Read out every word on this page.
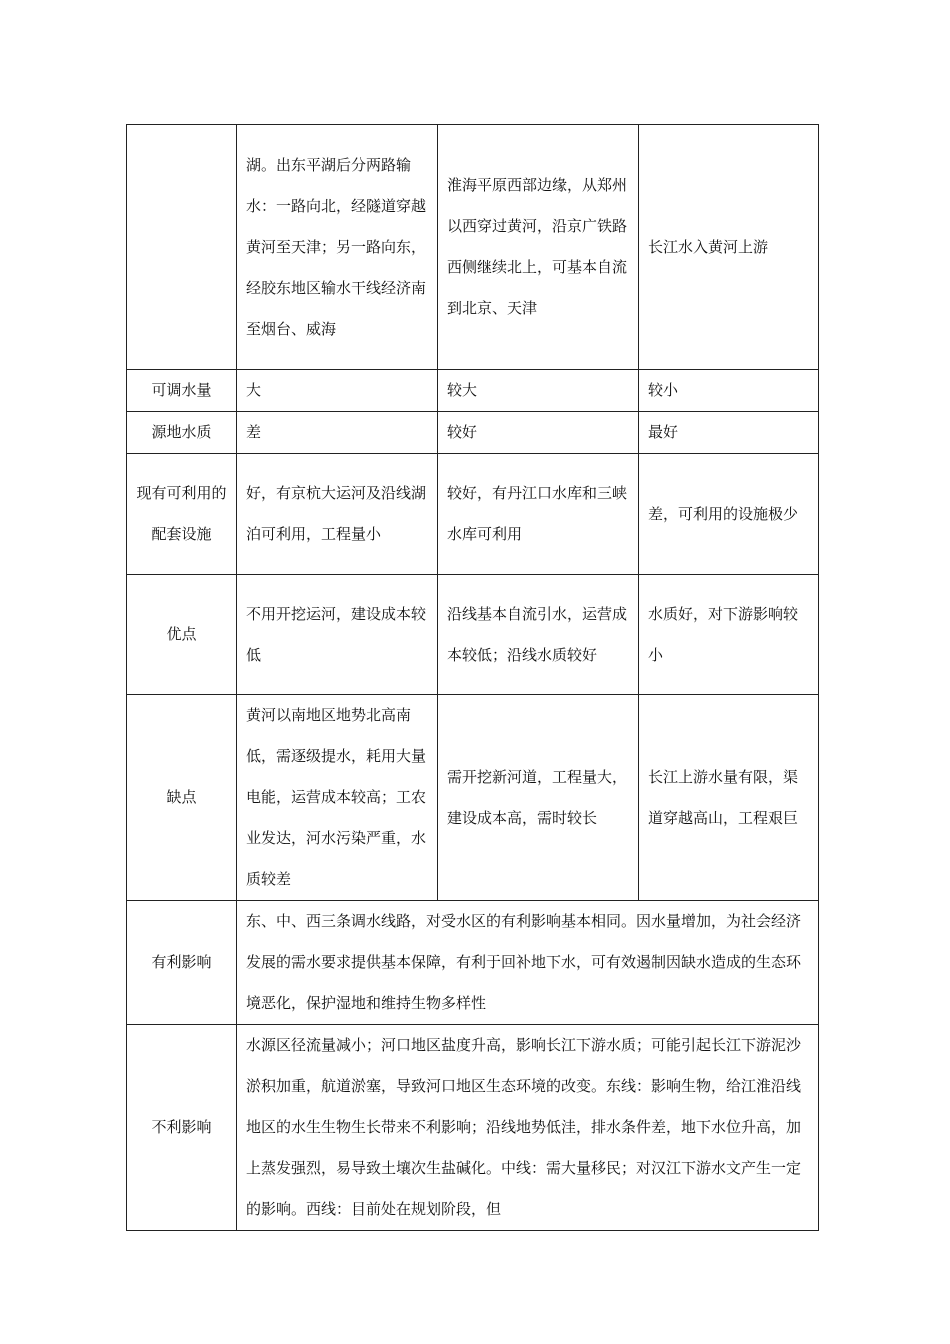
	湖。出东平湖后分两路输水：一路向北，经隧道穿越黄河至天津；另一路向东，经胶东地区输水干线经济南至烟台、威海	淮海平原西部边缘，从郑州以西穿过黄河，沿京广铁路西侧继续北上，可基本自流到北京、天津	长江水入黄河上游
可调水量	大	较大	较小
源地水质	差	较好	最好
现有可利用的配套设施	好，有京杭大运河及沿线湖泊可利用，工程量小	较好，有丹江口水库和三峡水库可利用	差，可利用的设施极少
优点	不用开挖运河，建设成本较低	沿线基本自流引水，运营成本较低；沿线水质较好	水质好，对下游影响较小
缺点	黄河以南地区地势北高南低，需逐级提水，耗用大量电能，运营成本较高；工农业发达，河水污染严重，水质较差	需开挖新河道，工程量大，建设成本高，需时较长	长江上游水量有限，渠道穿越高山，工程艰巨
有利影响	东、中、西三条调水线路，对受水区的有利影响基本相同。因水量增加，为社会经济发展的需水要求提供基本保障，有利于回补地下水，可有效遏制因缺水造成的生态环境恶化，保护湿地和维持生物多样性		
不利影响	水源区径流量减小；河口地区盐度升高，影响长江下游水质；可能引起长江下游泥沙淤积加重，航道淤塞，导致河口地区生态环境的改变。东线：影响生物，给江淮沿线地区的水生生物生长带来不利影响；沿线地势低洼，排水条件差，地下水位升高，加上蒸发强烈，易导致土壤次生盐碱化。中线：需大量移民；对汉江下游水文产生一定的影响。西线：目前处在规划阶段，但		
